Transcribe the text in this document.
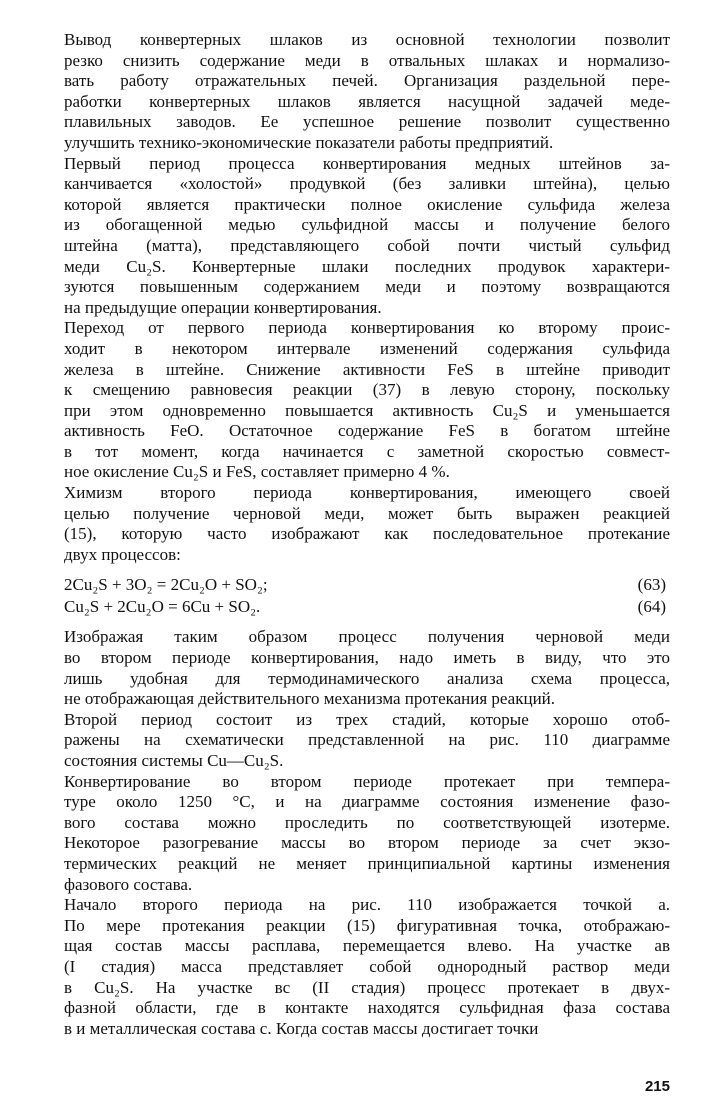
Вывод конвертерных шлаков из основной технологии позволит
резко снизить содержание меди в отвальных шлаках и нормализо-
вать работу отражательных печей. Организация раздельной пере-
работки конвертерных шлаков является насущной задачей меде-
плавильных заводов. Ее успешное решение позволит существенно
улучшить технико-экономические показатели работы предприятий.
Первый период процесса конвертирования медных штейнов за-
канчивается «холостой» продувкой (без заливки штейна), целью
которой является практически полное окисление сульфида железа
из обогащенной медью сульфидной массы и получение белого
штейна (матта), представляющего собой почти чистый сульфид
меди Cu₂S. Конвертерные шлаки последних продувок характери-
зуются повышенным содержанием меди и поэтому возвращаются
на предыдущие операции конвертирования.
Переход от первого периода конвертирования ко второму проис-
ходит в некотором интервале изменений содержания сульфида
железа в штейне. Снижение активности FeS в штейне приводит
к смещению равновесия реакции (37) в левую сторону, поскольку
при этом одновременно повышается активность Cu₂S и уменьшается
активность FeO. Остаточное содержание FeS в богатом штейне
в тот момент, когда начинается с заметной скоростью совмест-
ное окисление Cu₂S и FeS, составляет примерно 4 %.
Химизм второго периода конвертирования, имеющего своей
целью получение черновой меди, может быть выражен реакцией
(15), которую часто изображают как последовательное протекание
двух процессов:
2Cu₂S + 3O₂ = 2Cu₂O + SO₂;	(63)
Cu₂S + 2Cu₂O = 6Cu + SO₂.	(64)
Изображая таким образом процесс получения черновой меди
во втором периоде конвертирования, надо иметь в виду, что это
лишь удобная для термодинамического анализа схема процесса,
не отображающая действительного механизма протекания реакций.
Второй период состоит из трех стадий, которые хорошо отоб-
ражены на схематически представленной на рис. 110 диаграмме
состояния системы Cu—Cu₂S.
Конвертирование во втором периоде протекает при темпера-
туре около 1250 °C, и на диаграмме состояния изменение фазо-
вого состава можно проследить по соответствующей изотерме.
Некоторое разогревание массы во втором периоде за счет экзо-
термических реакций не меняет принципиальной картины изменения
фазового состава.
Начало второго периода на рис. 110 изображается точкой a.
По мере протекания реакции (15) фигуративная точка, отображаю-
щая состав массы расплава, перемещается влево. На участке aв
(I стадия) масса представляет собой однородный раствор меди
в Cu₂S. На участке вc (II стадия) процесс протекает в двух-
фазной области, где в контакте находятся сульфидная фаза состава
в и металлическая состава c. Когда состав массы достигает точки
215
